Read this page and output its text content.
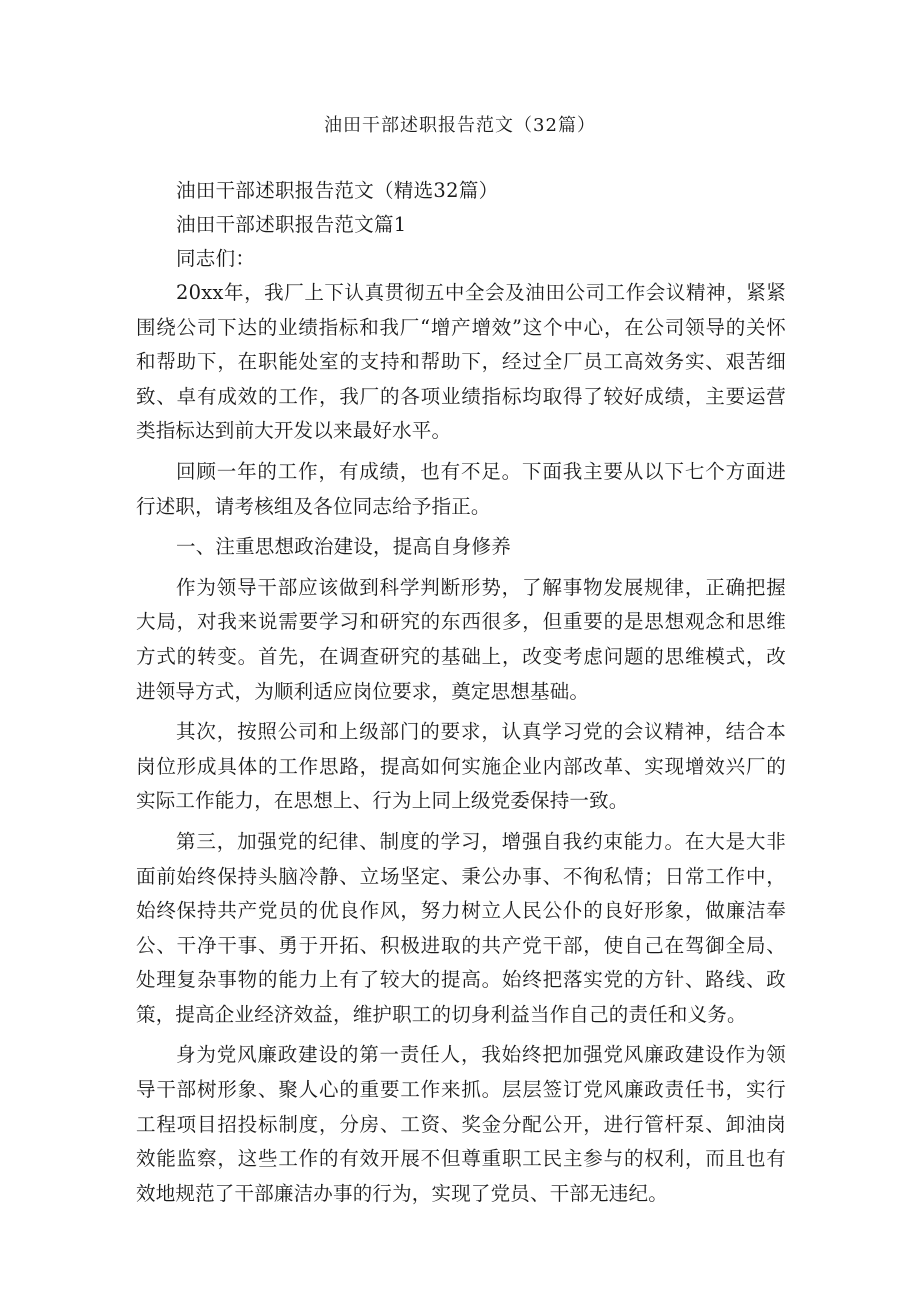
油田干部述职报告范文（32篇）

油田干部述职报告范文（精选32篇）

油田干部述职报告范文篇1

同志们：

20xx年，我厂上下认真贯彻五中全会及油田公司工作会议精神，紧紧围绕公司下达的业绩指标和我厂“增产增效”这个中心，在公司领导的关怀和帮助下，在职能处室的支持和帮助下，经过全厂员工高效务实、艰苦细致、卓有成效的工作，我厂的各项业绩指标均取得了较好成绩，主要运营类指标达到前大开发以来最好水平。

回顾一年的工作，有成绩，也有不足。下面我主要从以下七个方面进行述职，请考核组及各位同志给予指正。

一、注重思想政治建设，提高自身修养

作为领导干部应该做到科学判断形势，了解事物发展规律，正确把握大局，对我来说需要学习和研究的东西很多，但重要的是思想观念和思维方式的转变。首先，在调查研究的基础上，改变考虑问题的思维模式，改进领导方式，为顺利适应岗位要求，奠定思想基础。

其次，按照公司和上级部门的要求，认真学习党的会议精神，结合本岗位形成具体的工作思路，提高如何实施企业内部改革、实现增效兴厂的实际工作能力，在思想上、行为上同上级党委保持一致。

第三，加强党的纪律、制度的学习，增强自我约束能力。在大是大非面前始终保持头脑冷静、立场坚定、秉公办事、不徇私情；日常工作中，始终保持共产党员的优良作风，努力树立人民公仆的良好形象，做廉洁奉公、干净干事、勇于开拓、积极进取的共产党干部，使自己在驾御全局、处理复杂事物的能力上有了较大的提高。始终把落实党的方针、路线、政策，提高企业经济效益，维护职工的切身利益当作自己的责任和义务。

身为党风廉政建设的第一责任人，我始终把加强党风廉政建设作为领导干部树形象、聚人心的重要工作来抓。层层签订党风廉政责任书，实行工程项目招投标制度，分房、工资、奖金分配公开，进行管杆泵、卸油岗效能监察，这些工作的有效开展不但尊重职工民主参与的权利，而且也有效地规范了干部廉洁办事的行为，实现了党员、干部无违纪。
